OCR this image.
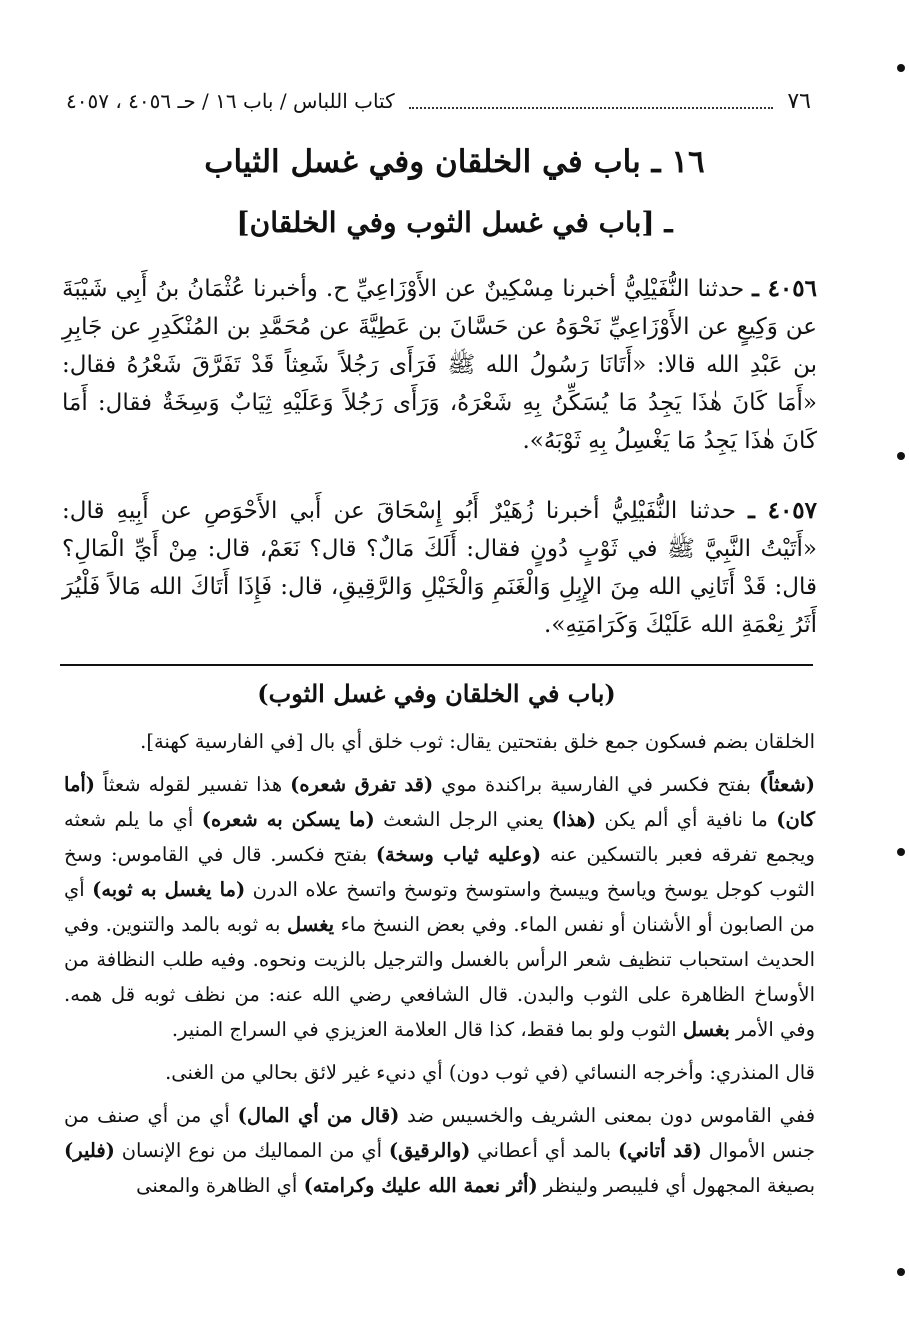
٧٦
كتاب اللباس / باب ١٦ / حـ ٤٠٥٦ ، ٤٠٥٧
١٦ ـ باب في الخلقان وفي غسل الثياب
ـ [باب في غسل الثوب وفي الخلقان]
٤٠٥٦ ـ حدثنا النُّفَيْلِيُّ أخبرنا مِسْكِينٌ عن الأَوْزَاعِيِّ ح. وأخبرنا عُثْمَانُ بنُ أَبِي شَيْبَةَ عن وَكِيعٍ عن الأَوْزَاعِيِّ نَحْوَهُ عن حَسَّانَ بن عَطِيَّةَ عن مُحَمَّدِ بن المُنْكَدِرِ عن جَابِرِ بن عَبْدِ الله قالا: «أَتَانَا رَسُولُ الله ﷺ فَرَأَى رَجُلاً شَعِثاً قَدْ تَفَرَّقَ شَعْرُهُ فقال: «أَمَا كَانَ هٰذَا يَجِدُ مَا يُسَكِّنُ بِهِ شَعْرَهُ، وَرَأَى رَجُلاً وَعَلَيْهِ ثِيَابٌ وَسِخَةٌ فقال: أَمَا كَانَ هٰذَا يَجِدُ مَا يَغْسِلُ بِهِ ثَوْبَهُ».
٤٠٥٧ ـ حدثنا النُّفَيْلِيُّ أخبرنا زُهَيْرٌ أَبُو إِسْحَاقَ عن أَبي الأَحْوَصِ عن أَبِيهِ قال: «أَتَيْتُ النَّبِيَّ ﷺ في ثَوْبٍ دُونٍ فقال: أَلَكَ مَالٌ؟ قال؟ نَعَمْ، قال: مِنْ أَيِّ الْمَالِ؟ قال: قَدْ أَتَانِي الله مِنَ الإِبِلِ وَالْغَنَمِ وَالْخَيْلِ وَالرَّقِيقِ، قال: فَإِذَا أَتَاكَ الله مَالاً فَلْيُرَ أَثَرُ نِعْمَةِ الله عَلَيْكَ وَكَرَامَتِهِ».
(باب في الخلقان وفي غسل الثوب)

الخلقان بضم فسكون جمع خلق بفتحتين يقال: ثوب خلق أي بال [في الفارسية كهنة].

(شعثاً) بفتح فكسر في الفارسية براكندة موي (قد تفرق شعره) هذا تفسير لقوله شعثاً (أما كان) ما نافية أي ألم يكن (هذا) يعني الرجل الشعث (ما يسكن به شعره) أي ما يلم شعثه ويجمع تفرقه فعبر بالتسكين عنه (وعليه ثياب وسخة) بفتح فكسر. قال في القاموس: وسخ الثوب كوجل يوسخ وياسخ وييسخ واستوسخ وتوسخ واتسخ علاه الدرن (ما يغسل به ثوبه) أي من الصابون أو الأشنان أو نفس الماء. وفي بعض النسخ ماء يغسل به ثوبه بالمد والتنوين. وفي الحديث استحباب تنظيف شعر الرأس بالغسل والترجيل بالزيت ونحوه. وفيه طلب النظافة من الأوساخ الظاهرة على الثوب والبدن. قال الشافعي رضي الله عنه: من نظف ثوبه قل همه. وفي الأمر بغسل الثوب ولو بما فقط، كذا قال العلامة العزيزي في السراج المنير.

قال المنذري: وأخرجه النسائي (في ثوب دون) أي دنيء غير لائق بحالي من الغنى.

ففي القاموس دون بمعنى الشريف والخسيس ضد (قال من أي المال) أي من أي صنف من جنس الأموال (قد أتاني) بالمد أي أعطاني (والرقيق) أي من المماليك من نوع الإنسان (فلير) بصيغة المجهول أي فليبصر ولينظر (أثر نعمة الله عليك وكرامته) أي الظاهرة والمعنى
